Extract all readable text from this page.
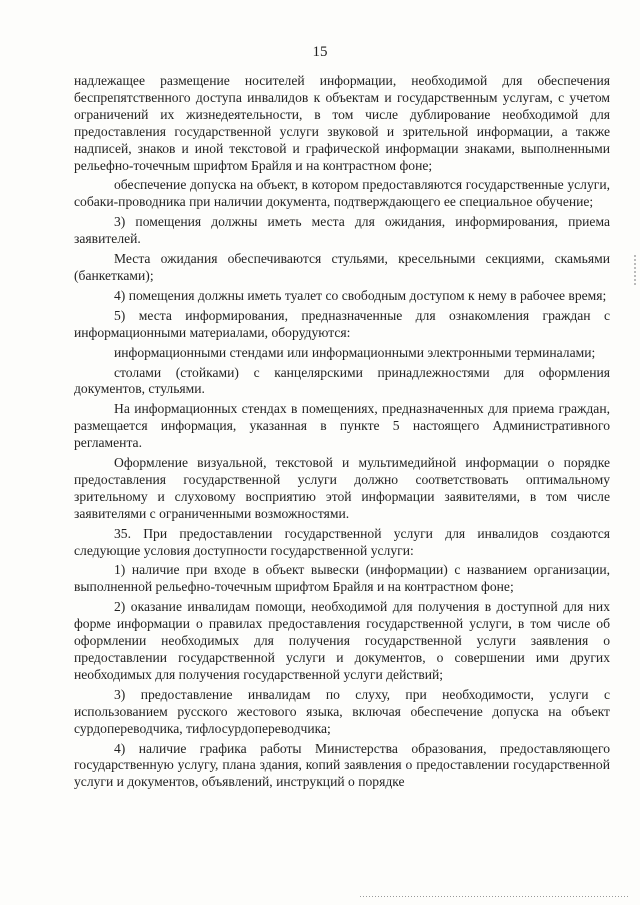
15

надлежащее размещение носителей информации, необходимой для обеспечения беспрепятственного доступа инвалидов к объектам и государственным услугам, с учетом ограничений их жизнедеятельности, в том числе дублирование необходимой для предоставления государственной услуги звуковой и зрительной информации, а также надписей, знаков и иной текстовой и графической информации знаками, выполненными рельефно-точечным шрифтом Брайля и на контрастном фоне;

обеспечение допуска на объект, в котором предоставляются государственные услуги, собаки-проводника при наличии документа, подтверждающего ее специальное обучение;

3) помещения должны иметь места для ожидания, информирования, приема заявителей.

Места ожидания обеспечиваются стульями, кресельными секциями, скамьями (банкетками);

4) помещения должны иметь туалет со свободным доступом к нему в рабочее время;

5) места информирования, предназначенные для ознакомления граждан с информационными материалами, оборудуются:

информационными стендами или информационными электронными терминалами;

столами (стойками) с канцелярскими принадлежностями для оформления документов, стульями.

На информационных стендах в помещениях, предназначенных для приема граждан, размещается информация, указанная в пункте 5 настоящего Административного регламента.

Оформление визуальной, текстовой и мультимедийной информации о порядке предоставления государственной услуги должно соответствовать оптимальному зрительному и слуховому восприятию этой информации заявителями, в том числе заявителями с ограниченными возможностями.

35. При предоставлении государственной услуги для инвалидов создаются следующие условия доступности государственной услуги:

1) наличие при входе в объект вывески (информации) с названием организации, выполненной рельефно-точечным шрифтом Брайля и на контрастном фоне;

2) оказание инвалидам помощи, необходимой для получения в доступной для них форме информации о правилах предоставления государственной услуги, в том числе об оформлении необходимых для получения государственной услуги заявления о предоставлении государственной услуги и документов, о совершении ими других необходимых для получения государственной услуги действий;

3) предоставление инвалидам по слуху, при необходимости, услуги с использованием русского жестового языка, включая обеспечение допуска на объект сурдопереводчика, тифлосурдопереводчика;

4) наличие графика работы Министерства образования, предоставляющего государственную услугу, плана здания, копий заявления о предоставлении государственной услуги и документов, объявлений, инструкций о порядке
